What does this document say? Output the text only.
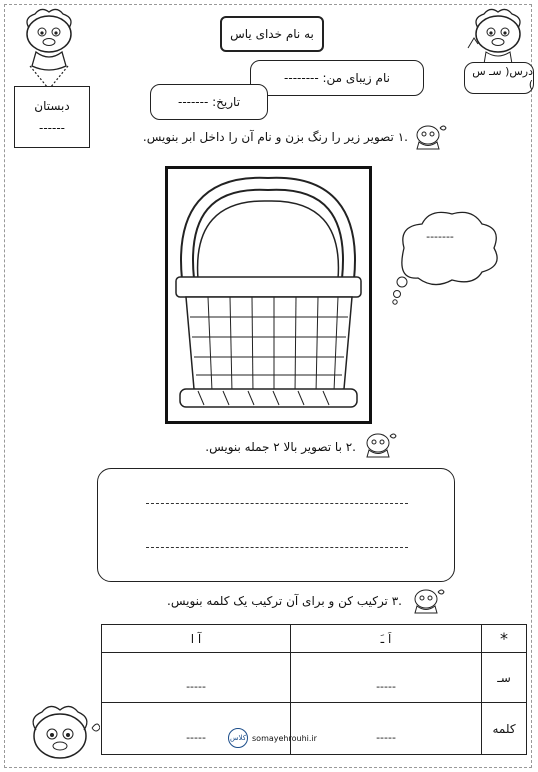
دبستان
------
به نام خدای یاس
درس( سـ س )
نام زیبای من: --------
تاریخ: -------
.۱ تصویر زیر را رنگ بزن و نام آن را داخل ابر بنویس.
-------
.۲ با تصویر بالا ۲ جمله بنویس.
.۳ ترکیب کن و برای آن ترکیب یک کلمه بنویس.
*	اَ ـَ	آ ا
سـ	-----	-----

کلمه	-----	-----	کلاس somayehrouhi.ir
